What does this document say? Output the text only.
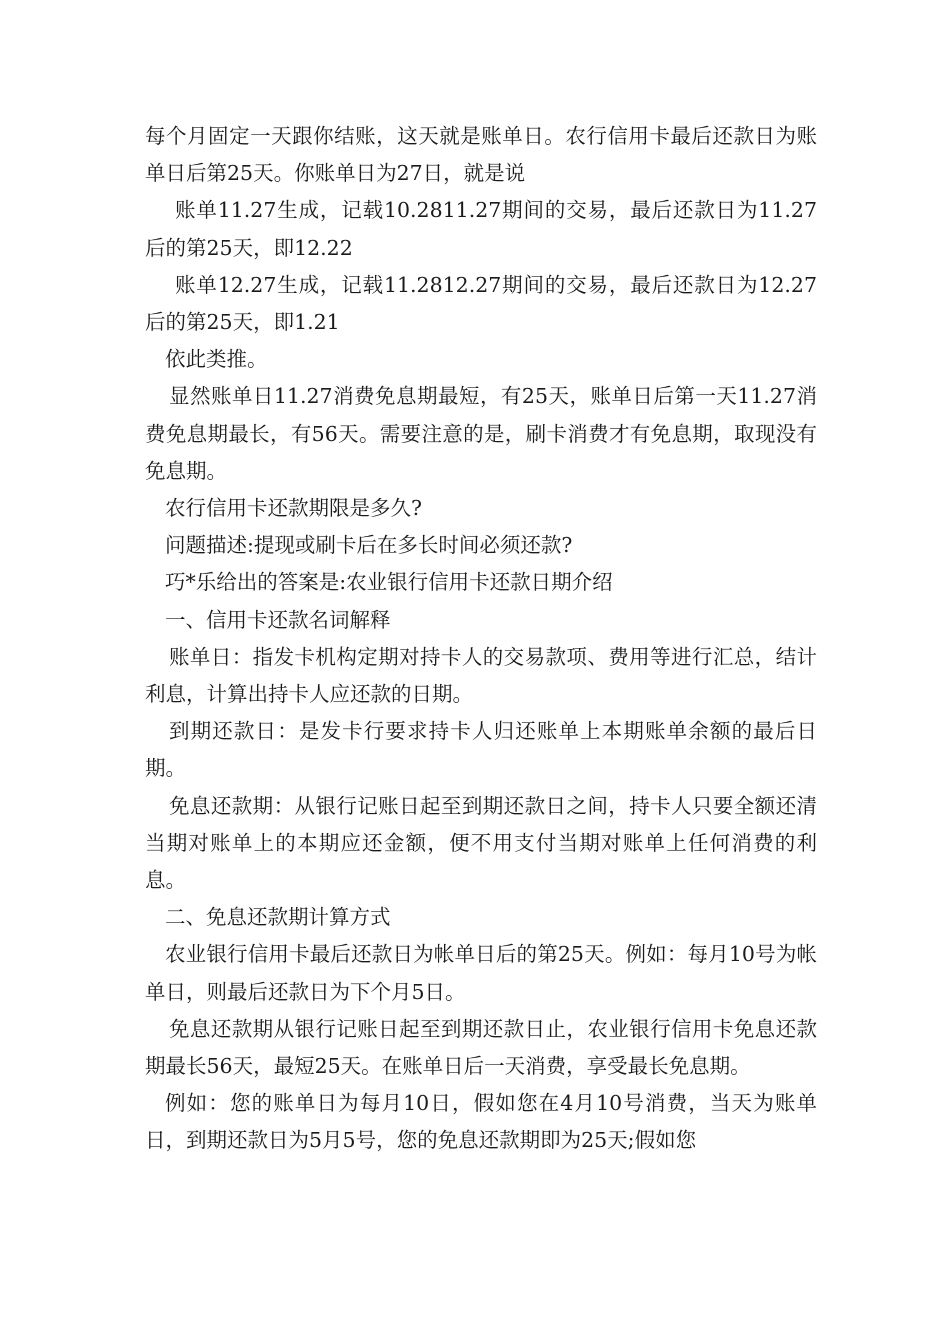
每个月固定一天跟你结账，这天就是账单日。农行信用卡最后还款日为账单日后第25天。你账单日为27日，就是说

账单11.27生成，记载10.2811.27期间的交易，最后还款日为11.27后的第25天，即12.22

账单12.27生成，记载11.2812.27期间的交易，最后还款日为12.27后的第25天，即1.21

依此类推。

显然账单日11.27消费免息期最短，有25天，账单日后第一天11.27消费免息期最长，有56天。需要注意的是，刷卡消费才有免息期，取现没有免息期。

农行信用卡还款期限是多久?

问题描述:提现或刷卡后在多长时间必须还款?

巧*乐给出的答案是:农业银行信用卡还款日期介绍

一、信用卡还款名词解释

账单日：指发卡机构定期对持卡人的交易款项、费用等进行汇总，结计利息，计算出持卡人应还款的日期。

到期还款日：是发卡行要求持卡人归还账单上本期账单余额的最后日期。

免息还款期：从银行记账日起至到期还款日之间，持卡人只要全额还清当期对账单上的本期应还金额，便不用支付当期对账单上任何消费的利息。

二、免息还款期计算方式

农业银行信用卡最后还款日为帐单日后的第25天。例如：每月10号为帐单日，则最后还款日为下个月5日。

免息还款期从银行记账日起至到期还款日止，农业银行信用卡免息还款期最长56天，最短25天。在账单日后一天消费，享受最长免息期。

例如：您的账单日为每月10日，假如您在4月10号消费，当天为账单日，到期还款日为5月5号，您的免息还款期即为25天;假如您
